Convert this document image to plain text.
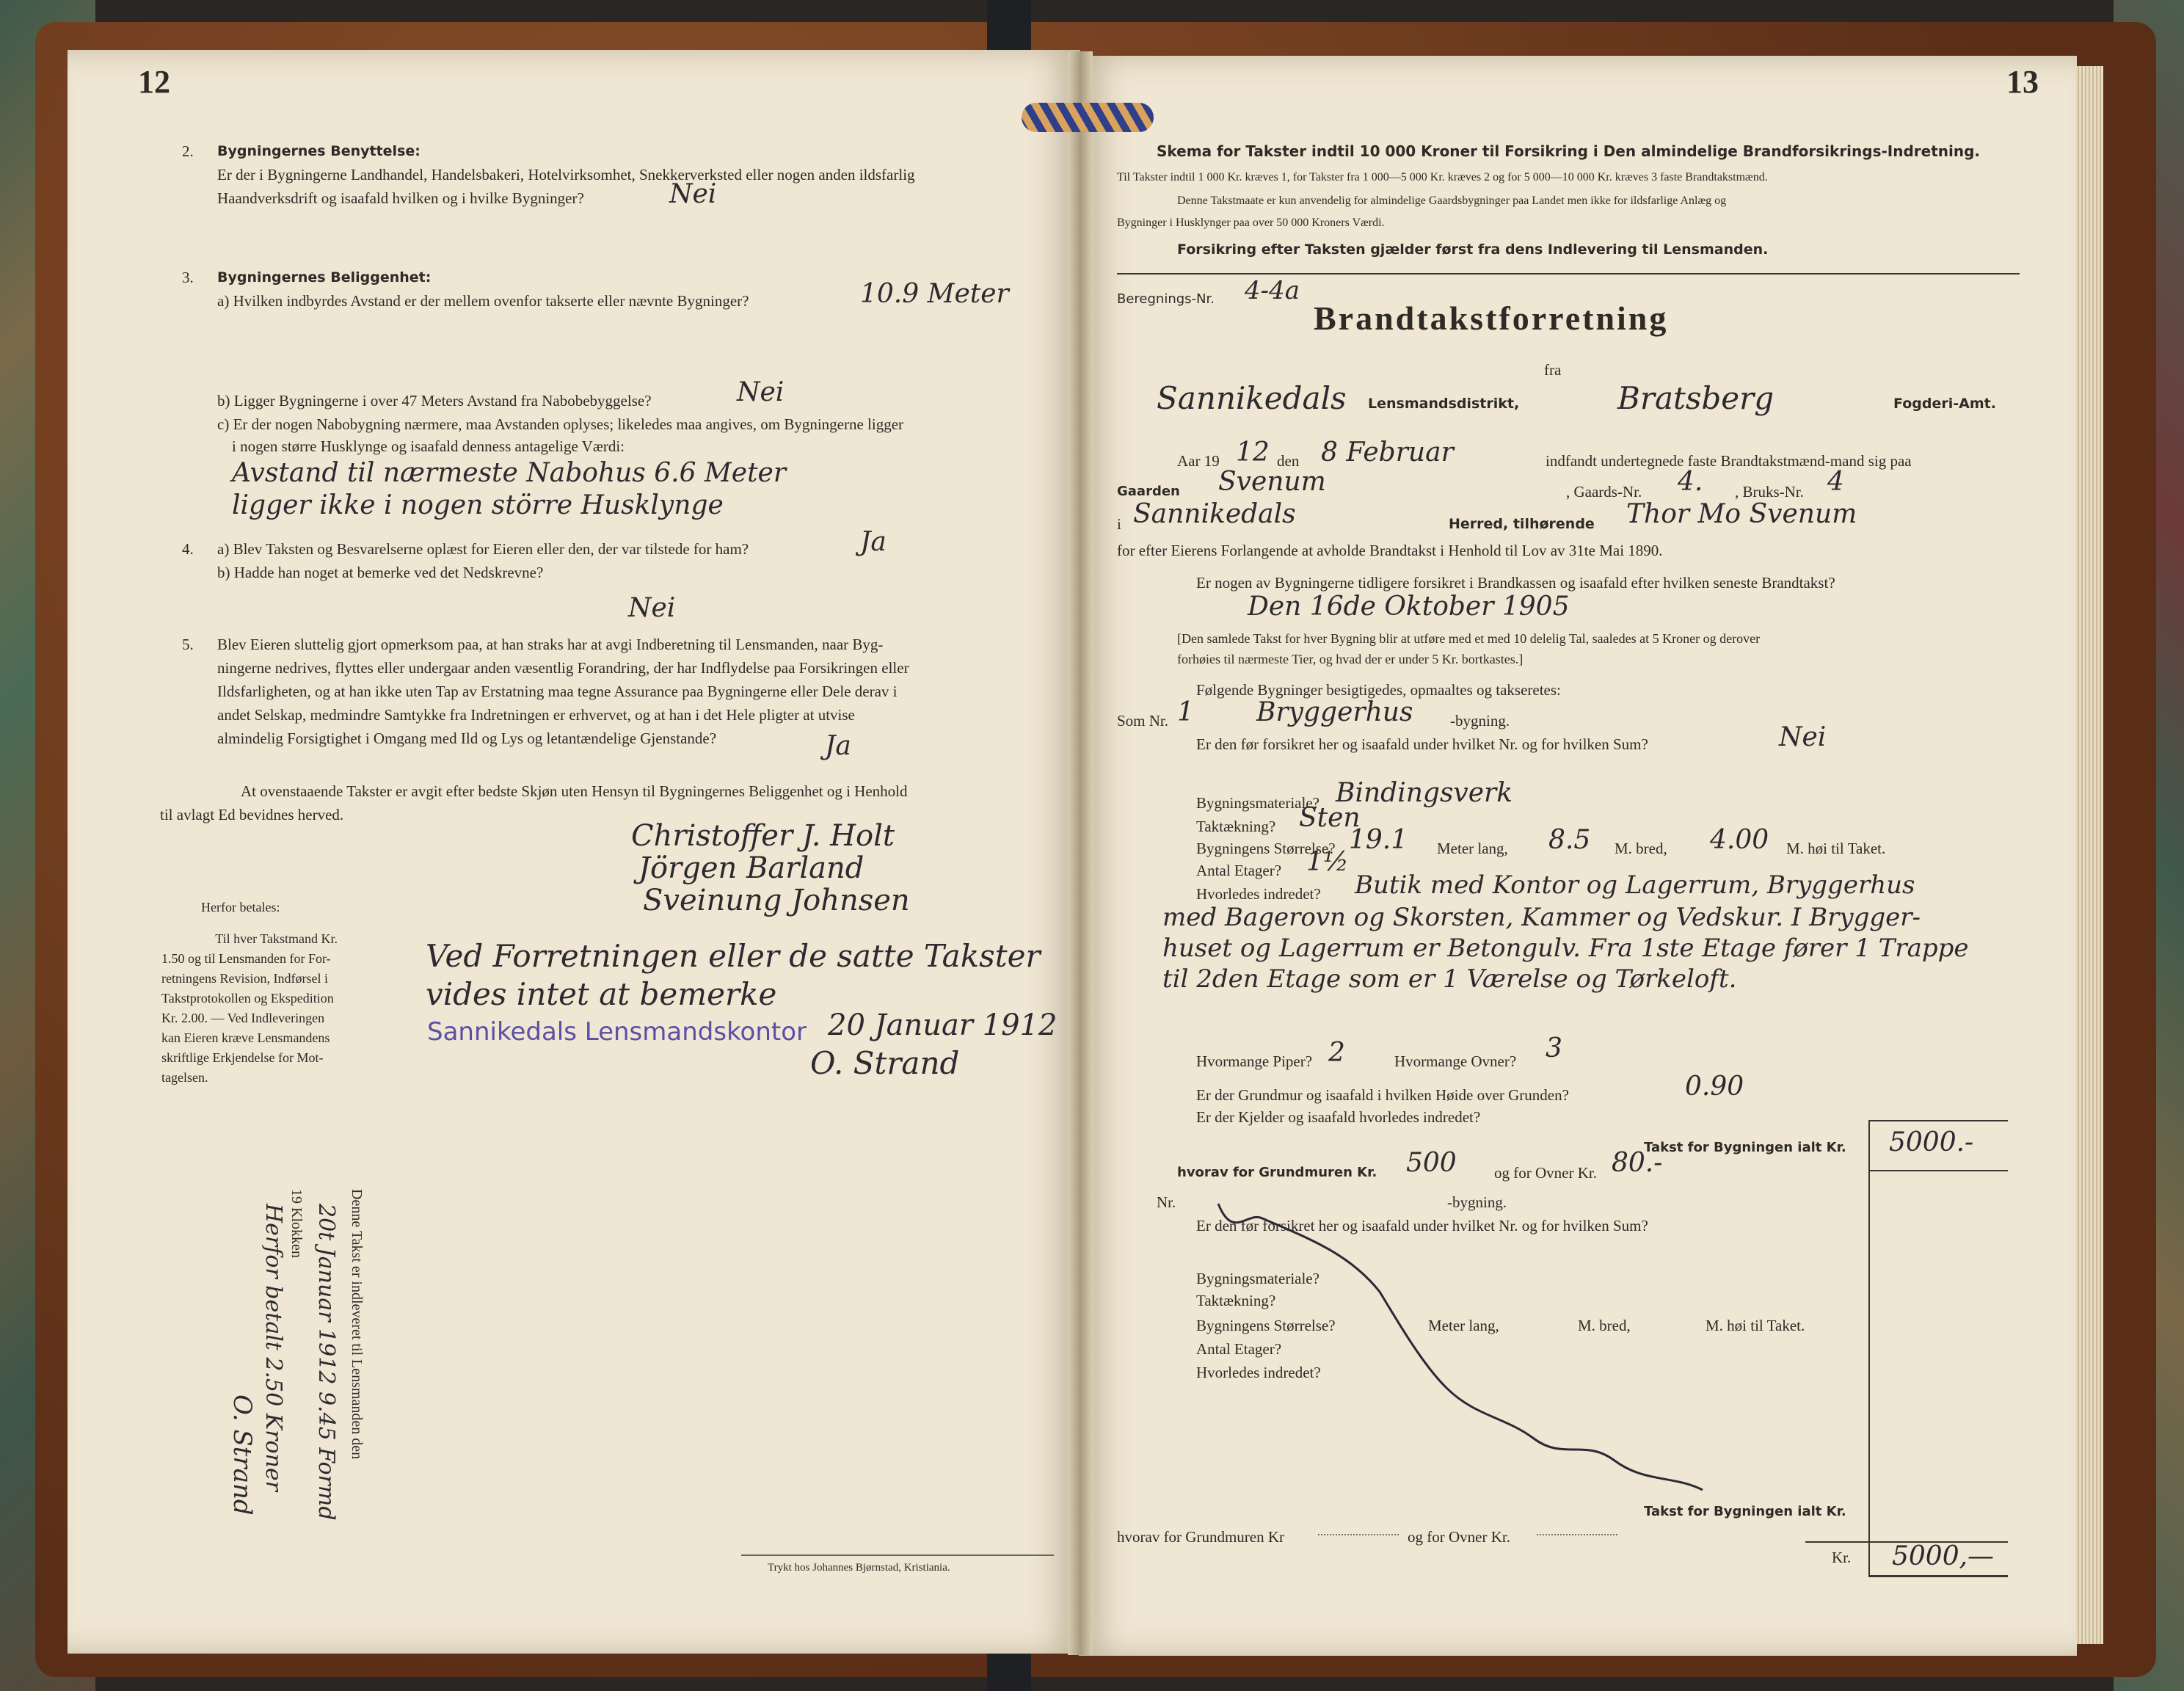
12
2. Bygningernes Benyttelse:
Er der i Bygningerne Landhandel, Handelsbakeri, Hotelvirksomhet, Snekkerverksted eller nogen anden ildsfarlig
Haandverksdrift og isaafald hvilken og i hvilke Bygninger?	Nei
3. Bygningernes Beliggenhet:
a) Hvilken indbyrdes Avstand er der mellem ovenfor takserte eller nævnte Bygninger?	10.9 Meter
b) Ligger Bygningerne i over 47 Meters Avstand fra Nabobebyggelse?	Nei
c) Er der nogen Nabobygning nærmere, maa Avstanden oplyses; likeledes maa angives, om Bygningerne ligger
i nogen større Husklynge og isaafald denness antagelige Værdi:
Avstand til nærmeste Nabohus 6.6 Meter
ligger ikke i nogen större Husklynge
4. a) Blev Taksten og Besvarelserne oplæst for Eieren eller den, der var tilstede for ham?	Ja
b) Hadde han noget at bemerke ved det Nedskrevne?
Nei
5. Blev Eieren sluttelig gjort opmerksom paa, at han straks har at avgi Indberetning til Lensmanden, naar Byg-
ningerne nedrives, flyttes eller undergaar anden væsentlig Forandring, der har Indflydelse paa Forsikringen eller
Ildsfarligheten, og at han ikke uten Tap av Erstatning maa tegne Assurance paa Bygningerne eller Dele derav i
andet Selskap, medmindre Samtykke fra Indretningen er erhvervet, og at han i det Hele pligter at utvise
almindelig Forsigtighet i Omgang med Ild og Lys og letantændelige Gjenstande?	Ja
At ovenstaaende Takster er avgit efter bedste Skjøn uten Hensyn til Bygningernes Beliggenhet og i Henhold
til avlagt Ed bevidnes herved.
Christoffer J. Holt
Jörgen Barland
Sveinung Johnsen
Herfor betales:
Til hver Takstmand Kr.
1.50 og til Lensmanden for For-
retningens Revision, Indførsel i
Takstprotokollen og Ekspedition
Kr. 2.00. — Ved Indleveringen
kan Eieren kræve Lensmandens
skriftlige Erkjendelse for Mot-
tagelsen.
Ved Forretningen eller de satte Takster
vides intet at bemerke
Sannikedals Lensmandskontor 20 Januar 1912
O. Strand
Denne Takst er indleveret til Lensmanden den
20t Januar 1912 9.45 Formd
19 Klokken
Herfor betalt 2.50 Kroner
O. Strand
Trykt hos Johannes Bjørnstad, Kristiania.
13
Skema for Takster indtil 10 000 Kroner til Forsikring i Den almindelige Brandforsikrings-Indretning.
Til Takster indtil 1 000 Kr. kræves 1, for Takster fra 1 000—5 000 Kr. kræves 2 og for 5 000—10 000 Kr. kræves 3 faste Brandtakstmænd.
Denne Takstmaate er kun anvendelig for almindelige Gaardsbygninger paa Landet men ikke for ildsfarlige Anlæg og
Bygninger i Husklynger paa over 50 000 Kroners Værdi.
Forsikring efter Taksten gjælder først fra dens Indlevering til Lensmanden.
Beregnings-Nr. 4-4a
Brandtakstforretning
fra
Sannikedals Lensmandsdistrikt,	Bratsberg	Fogderi-Amt.
Aar 19 12 den 8 Februar	indfandt undertegnede faste Brandtakstmænd-mand sig paa
Gaarden Svenum	, Gaards-Nr. 4. , Bruks-Nr. 4
i Sannikedals	Herred, tilhørende Thor Mo Svenum
for efter Eierens Forlangende at avholde Brandtakst i Henhold til Lov av 31te Mai 1890.
Er nogen av Bygningerne tidligere forsikret i Brandkassen og isaafald efter hvilken seneste Brandtakst?
Den 16de Oktober 1905
[Den samlede Takst for hver Bygning blir at utføre med et med 10 delelig Tal, saaledes at 5 Kroner og derover
forhøies til nærmeste Tier, og hvad der er under 5 Kr. bortkastes.]
Følgende Bygninger besigtigedes, opmaaltes og takseretes:
Som Nr. 1 Bryggerhus -bygning.
Er den før forsikret her og isaafald under hvilket Nr. og for hvilken Sum?	Nei
Bygningsmateriale? Bindingsverk
Taktækning? Sten
Bygningens Størrelse? 19.1 Meter lang, 8.5 M. bred, 4.00 M. høi til Taket.
Antal Etager? 1½
Hvorledes indredet? Butik med Kontor og Lagerrum, Bryggerhus
med Bagerovn og Skorsten, Kammer og Vedskur. I Brygger-
huset og Lagerrum er Betongulv. Fra 1ste Etage fører 1 Trappe
til 2den Etage som er 1 Værelse og Tørkeloft.
Hvormange Piper? 2	Hvormange Ovner? 3
Er der Grundmur og isaafald i hvilken Høide over Grunden?	0.90
Er der Kjelder og isaafald hvorledes indredet?
Takst for Bygningen ialt Kr. 5000.-
hvorav for Grundmuren Kr. 500 og for Ovner Kr. 80.-
Nr.	-bygning.
Er den før forsikret her og isaafald under hvilket Nr. og for hvilken Sum?
Bygningsmateriale?
Taktækning?
Bygningens Størrelse?	Meter lang,	M. bred,	M. høi til Taket.
Antal Etager?
Hvorledes indredet?
Takst for Bygningen ialt Kr.
hvorav for Grundmuren Kr	og for Ovner Kr.
Kr. 5000,—
